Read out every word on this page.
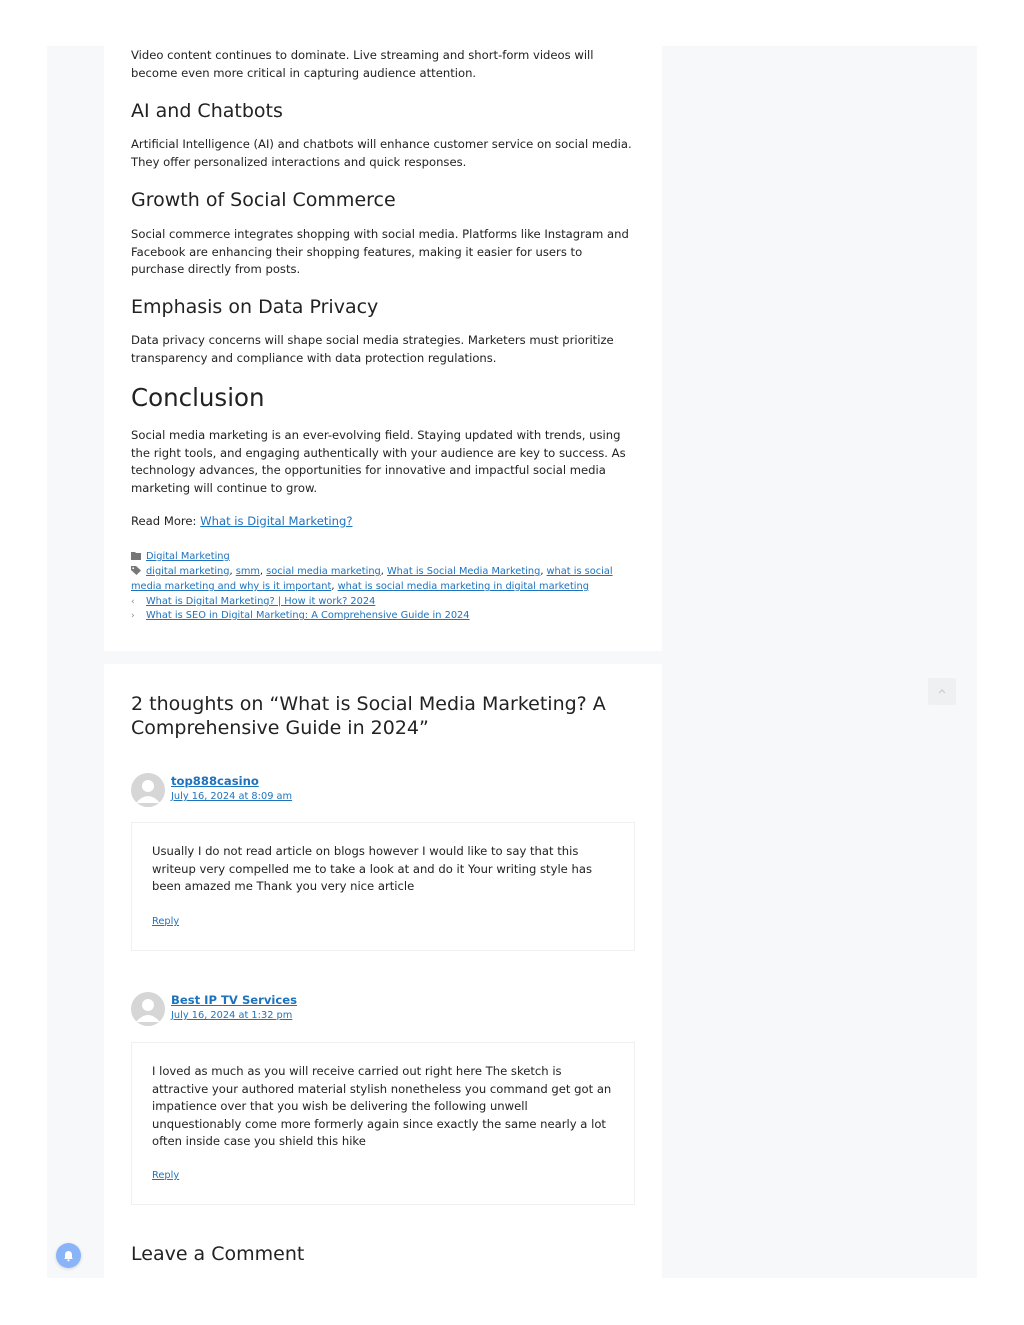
Video content continues to dominate. Live streaming and short-form videos will become even more critical in capturing audience attention.

AI and Chatbots

Artificial Intelligence (AI) and chatbots will enhance customer service on social media. They offer personalized interactions and quick responses.

Growth of Social Commerce

Social commerce integrates shopping with social media. Platforms like Instagram and Facebook are enhancing their shopping features, making it easier for users to purchase directly from posts.

Emphasis on Data Privacy

Data privacy concerns will shape social media strategies. Marketers must prioritize transparency and compliance with data protection regulations.

Conclusion

Social media marketing is an ever-evolving field. Staying updated with trends, using the right tools, and engaging authentically with your audience are key to success. As technology advances, the opportunities for innovative and impactful social media marketing will continue to grow.

Read More: What is Digital Marketing?

Digital Marketing
digital marketing, smm, social media marketing, What is Social Media Marketing, what is social media marketing and why is it important, what is social media marketing in digital marketing
‹ What is Digital Marketing? | How it work? 2024
› What is SEO in Digital Marketing: A Comprehensive Guide in 2024
2 thoughts on “What is Social Media Marketing? A Comprehensive Guide in 2024”
top888casino
July 16, 2024 at 8:09 am

Usually I do not read article on blogs however I would like to say that this writeup very compelled me to take a look at and do it Your writing style has been amazed me Thank you very nice article

Reply
Best IP TV Services
July 16, 2024 at 1:32 pm

I loved as much as you will receive carried out right here The sketch is attractive your authored material stylish nonetheless you command get got an impatience over that you wish be delivering the following unwell unquestionably come more formerly again since exactly the same nearly a lot often inside case you shield this hike

Reply
Leave a Comment
